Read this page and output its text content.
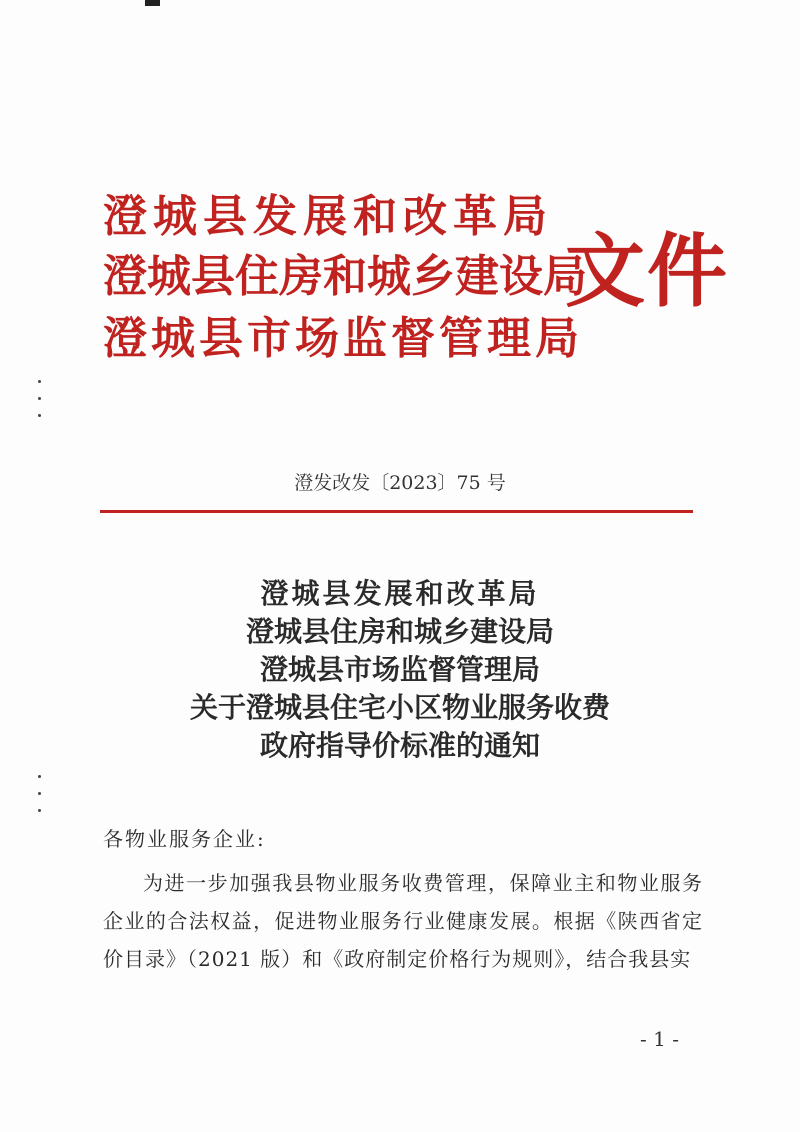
澄城县发展和改革局
澄城县住房和城乡建设局
澄城县市场监督管理局
文件
澄发改发〔2023〕75 号
澄城县发展和改革局
澄城县住房和城乡建设局
澄城县市场监督管理局
关于澄城县住宅小区物业服务收费
政府指导价标准的通知
各物业服务企业:

为进一步加强我县物业服务收费管理，保障业主和物业服务企业的合法权益，促进物业服务行业健康发展。根据《陕西省定价目录》（2021 版）和《政府制定价格行为规则》，结合我县实

- 1 -
